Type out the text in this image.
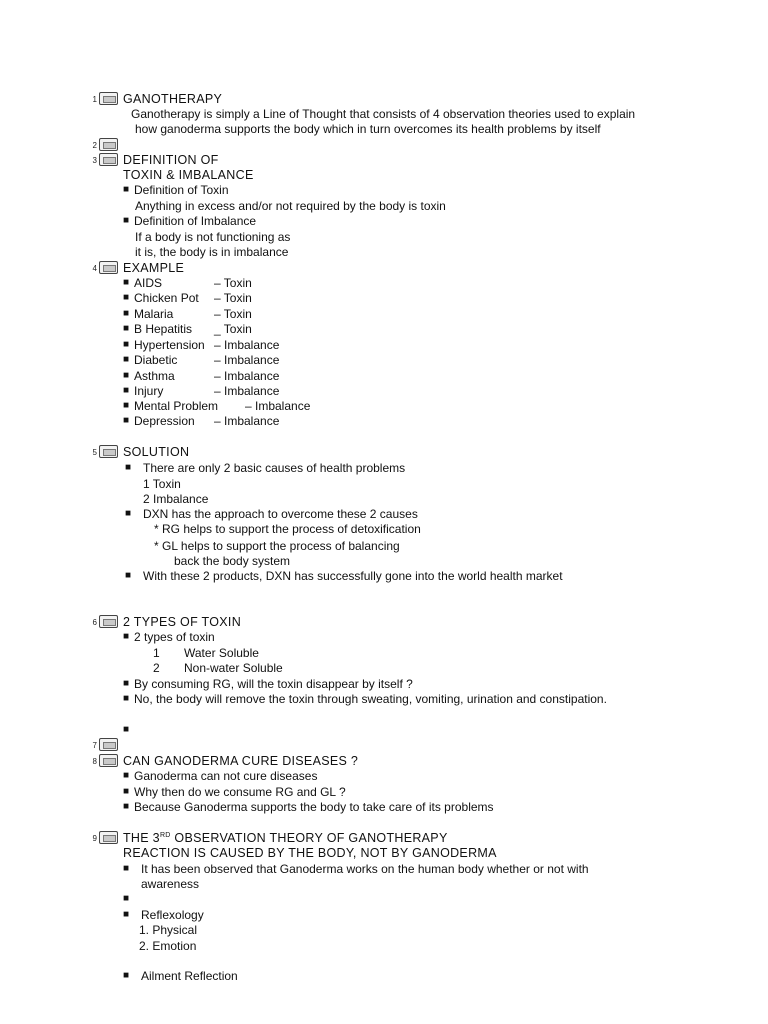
1 GANOTHERAPY
Ganotherapy is simply a Line of Thought that consists of 4 observation theories used to explain
how ganoderma supports the body which in turn overcomes its health problems by itself
2
3 DEFINITION OF
TOXIN & IMBALANCE
■ Definition of Toxin
Anything in excess and/or not required by the body is toxin
■ Definition of Imbalance
If a body is not functioning as
it is, the body is in imbalance
4 EXAMPLE
■ AIDS	– Toxin
■ Chicken Pot – Toxin
■ Malaria	– Toxin
■ B Hepatitis _ Toxin
■ Hypertension – Imbalance
■ Diabetic	– Imbalance
■ Asthma	– Imbalance
■ Injury	– Imbalance
■ Mental Problem – Imbalance
■ Depression – Imbalance
5 SOLUTION
■ There are only 2 basic causes of health problems
1 Toxin
2 Imbalance
■ DXN has the approach to overcome these 2 causes
* RG helps to support the process of detoxification
* GL helps to support the process of balancing
back the body system
■ With these 2 products, DXN has successfully gone into the world health market
6 2 TYPES OF TOXIN
■ 2 types of toxin
1 Water Soluble
2 Non-water Soluble
■ By consuming RG, will the toxin disappear by itself ?
■ No, the body will remove the toxin through sweating, vomiting, urination and constipation.
■
7
8 CAN GANODERMA CURE DISEASES ?
■ Ganoderma can not cure diseases
■ Why then do we consume RG and GL ?
■ Because Ganoderma supports the body to take care of its problems
9 THE 3RD OBSERVATION THEORY OF GANOTHERAPY
REACTION IS CAUSED BY THE BODY, NOT BY GANODERMA
■ It has been observed that Ganoderma works on the human body whether or not with
awareness
■
■ Reflexology
1. Physical
2. Emotion
■ Ailment Reflection
